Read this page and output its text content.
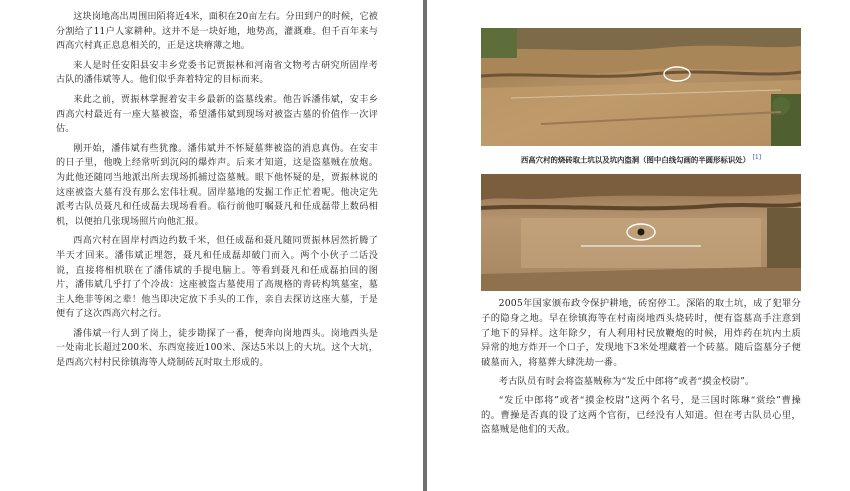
这块岗地高出周围田陌将近4米，面积在20亩左右。分田到户的时候，它被分割给了11户人家耕种。这并不是一块好地，地势高，灌溉难。但千百年来与西高穴村真正息息相关的，正是这块瘠薄之地。

来人是时任安阳县安丰乡党委书记贾振林和河南省文物考古研究所固岸考古队的潘伟斌等人。他们似乎奔着特定的目标而来。

来此之前，贾振林掌握着安丰乡最新的盗墓线索。他告诉潘伟斌，安丰乡西高穴村最近有一座大墓被盗，希望潘伟斌到现场对被盗古墓的价值作一次评估。

刚开始，潘伟斌有些犹豫。潘伟斌并不怀疑墓葬被盗的消息真伪。在安丰的日子里，他晚上经常听到沉闷的爆炸声。后来才知道，这是盗墓贼在放炮。为此他还随同当地派出所去现场抓捕过盗墓贼。眼下他怀疑的是，贾振林说的这座被盗大墓有没有那么宏伟壮观。固岸墓地的发掘工作正忙着呢。他决定先派考古队员聂凡和任成磊去现场看看。临行前他叮嘱聂凡和任成磊带上数码相机，以便拍几张现场照片向他汇报。

西高穴村在固岸村西边约数千米，但任成磊和聂凡随同贾振林居然折腾了半天才回来。潘伟斌正埋怨，聂凡和任成磊却破门而入。两个小伙子二话没说，直接将相机联在了潘伟斌的手提电脑上。等看到聂凡和任成磊拍回的图片，潘伟斌几乎打了个冷战：这座被盗古墓使用了高规格的青砖构筑墓室，墓主人绝非等闲之辈！他当即决定放下手头的工作，亲自去探访这座大墓，于是便有了这次西高穴村之行。

潘伟斌一行人到了岗上，徒步勘探了一番，便奔向岗地西头。岗地西头是一处南北长超过200米、东西宽接近100米、深达5米以上的大坑。这个大坑，是西高穴村村民徐镇海等人烧制砖瓦时取土形成的。

西高穴村的烧砖取土坑以及坑内盗洞（图中白线勾画的半圆形标识处） [1]

2005年国家颁布政令保护耕地，砖窑停工。深陷的取土坑，成了犯罪分子的隐身之地。早在徐镇海等在村南岗地西头烧砖时，便有盗墓高手注意到了地下的异样。这年除夕，有人利用村民放鞭炮的时候，用炸药在坑内土质异常的地方炸开一个口子，发现地下3米处埋藏着一个砖墓。随后盗墓分子便破墓而入，将墓葬大肆洗劫一番。

考古队员有时会将盗墓贼称为“发丘中郎将”或者“摸金校尉”。

“发丘中郎将”或者“摸金校尉”这两个名号，是三国时陈琳“赏绘”曹操的。曹操是否真的设了这两个官衔，已经没有人知道。但在考古队员心里，盗墓贼是他们的天敌。
